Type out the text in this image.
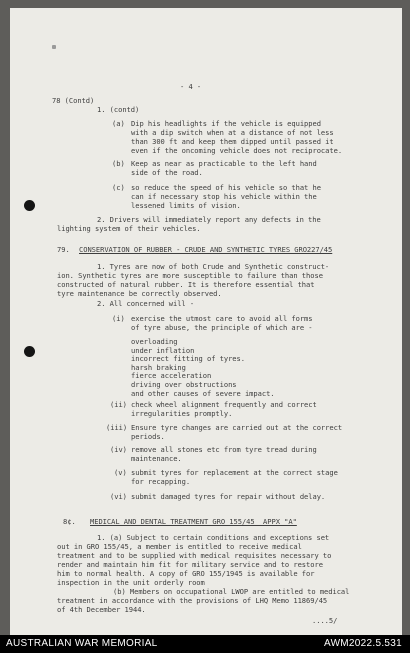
- 4 -
78 (Contd)
1. (contd)
(a) Dip his headlights if the vehicle is equipped
with a dip switch when at a distance of not less
than 300 ft and keep them dipped until passed it
even if the oncoming vehicle does not reciprocate.
(b) Keep as near as practicable to the left hand
side of the road.
(c) so reduce the speed of his vehicle so that he
can if necessary stop his vehicle within the
lessened limits of vision.
2. Drivers will immediately report any defects in the
lighting system of their vehicles.
79. CONSERVATION OF RUBBER - CRUDE AND SYNTHETIC TYRES GRO227/45
1. Tyres are now of both Crude and Synthetic construct-
ion. Synthetic tyres are more susceptible to failure than those
constructed of natural rubber. It is therefore essential that
tyre maintenance be correctly observed.
2. All concerned will -
(i) exercise the utmost care to avoid all forms
of tyre abuse, the principle of which are -
(ii) check wheel alignment frequently and correct
irregularities promptly.
(iii) Ensure tyre changes are carried out at the correct
periods.
(iv) remove all stones etc from tyre tread during
maintenance.
(v) submit tyres for replacement at the correct stage
for recapping.
(vi) submit damaged tyres for repair without delay.
overloading
under inflation
incorrect fitting of tyres.
harsh braking
fierce acceleration
driving over obstructions
and other causes of severe impact.
8¢. MEDICAL AND DENTAL TREATMENT GRO 155/45  APPX "A"
1. (a) Subject to certain conditions and exceptions set
out in GRO 155/45, a member is entitled to receive medical
treatment and to be supplied with medical requisites necessary to
render and maintain him fit for military service and to restore
him to normal health. A copy of GRO 155/1945 is available for
inspection in the unit orderly room
(b) Members on occupational LWOP are entitled to medical
treatment in accordance with the provisions of LHQ Memo 11869/45
of 4th December 1944.
....5/
AUSTRALIAN WAR MEMORIAL	AWM2022.5.531
